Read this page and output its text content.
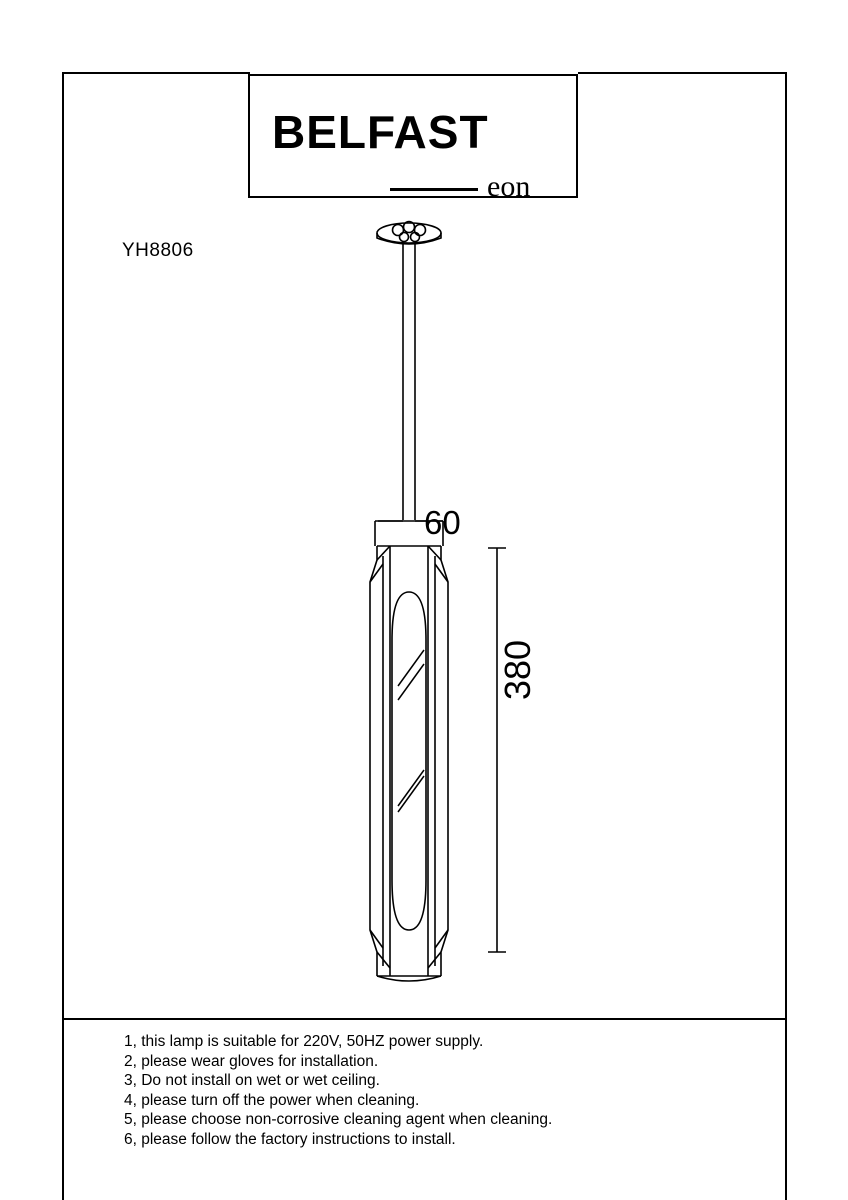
BELFAST
eon
YH8806
60
380
1, this lamp is suitable for 220V, 50HZ power supply.
2, please wear gloves for installation.
3, Do not install on wet or wet ceiling.
4, please turn off the power when cleaning.
5, please choose non-corrosive cleaning agent when cleaning.
6, please follow the factory instructions to install.
